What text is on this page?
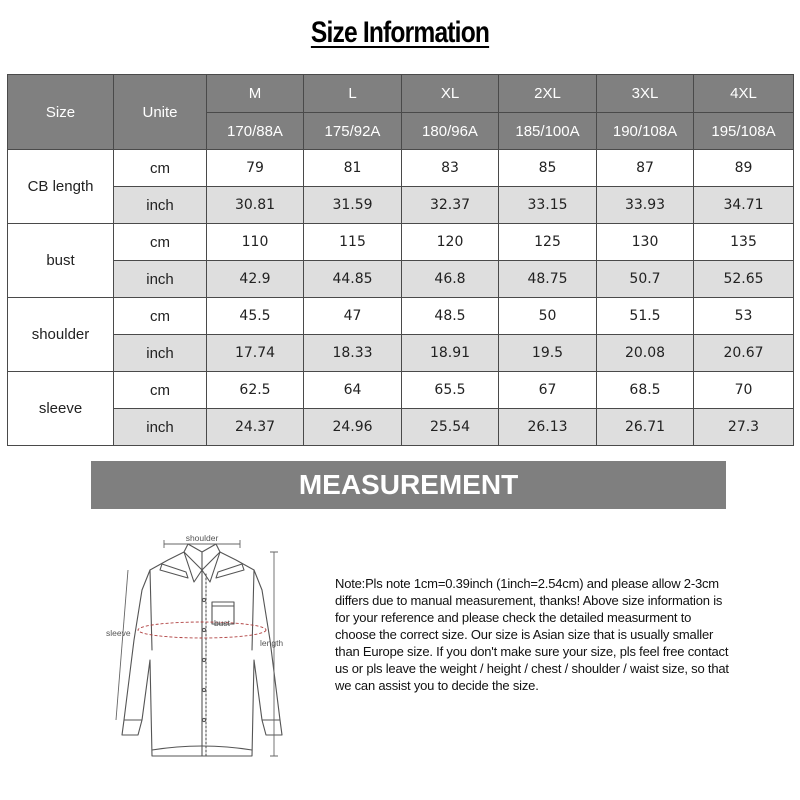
Size Information
Size	Unite	M	L	XL	2XL	3XL	4XL
		170/88A	175/92A	180/96A	185/100A	190/108A	195/108A
CB length	cm	79	81	83	85	87	89
	inch	30.81	31.59	32.37	33.15	33.93	34.71
bust	cm	110	115	120	125	130	135
	inch	42.9	44.85	46.8	48.75	50.7	52.65
shoulder	cm	45.5	47	48.5	50	51.5	53
	inch	17.74	18.33	18.91	19.5	20.08	20.67
sleeve	cm	62.5	64	65.5	67	68.5	70
	inch	24.37	24.96	25.54	26.13	26.71	27.3
MEASUREMENT
shoulder
bust
sleeve
length
Note:Pls note 1cm=0.39inch (1inch=2.54cm) and please allow 2-3cm differs due to manual measurement, thanks! Above size information is for your reference and please check the detailed measurment to choose the correct size. Our size is Asian size that is usually smaller than Europe size. If you don't make sure your size, pls feel free contact us or pls leave the weight / height / chest / shoulder / waist size, so that we can assist you to decide the size.
